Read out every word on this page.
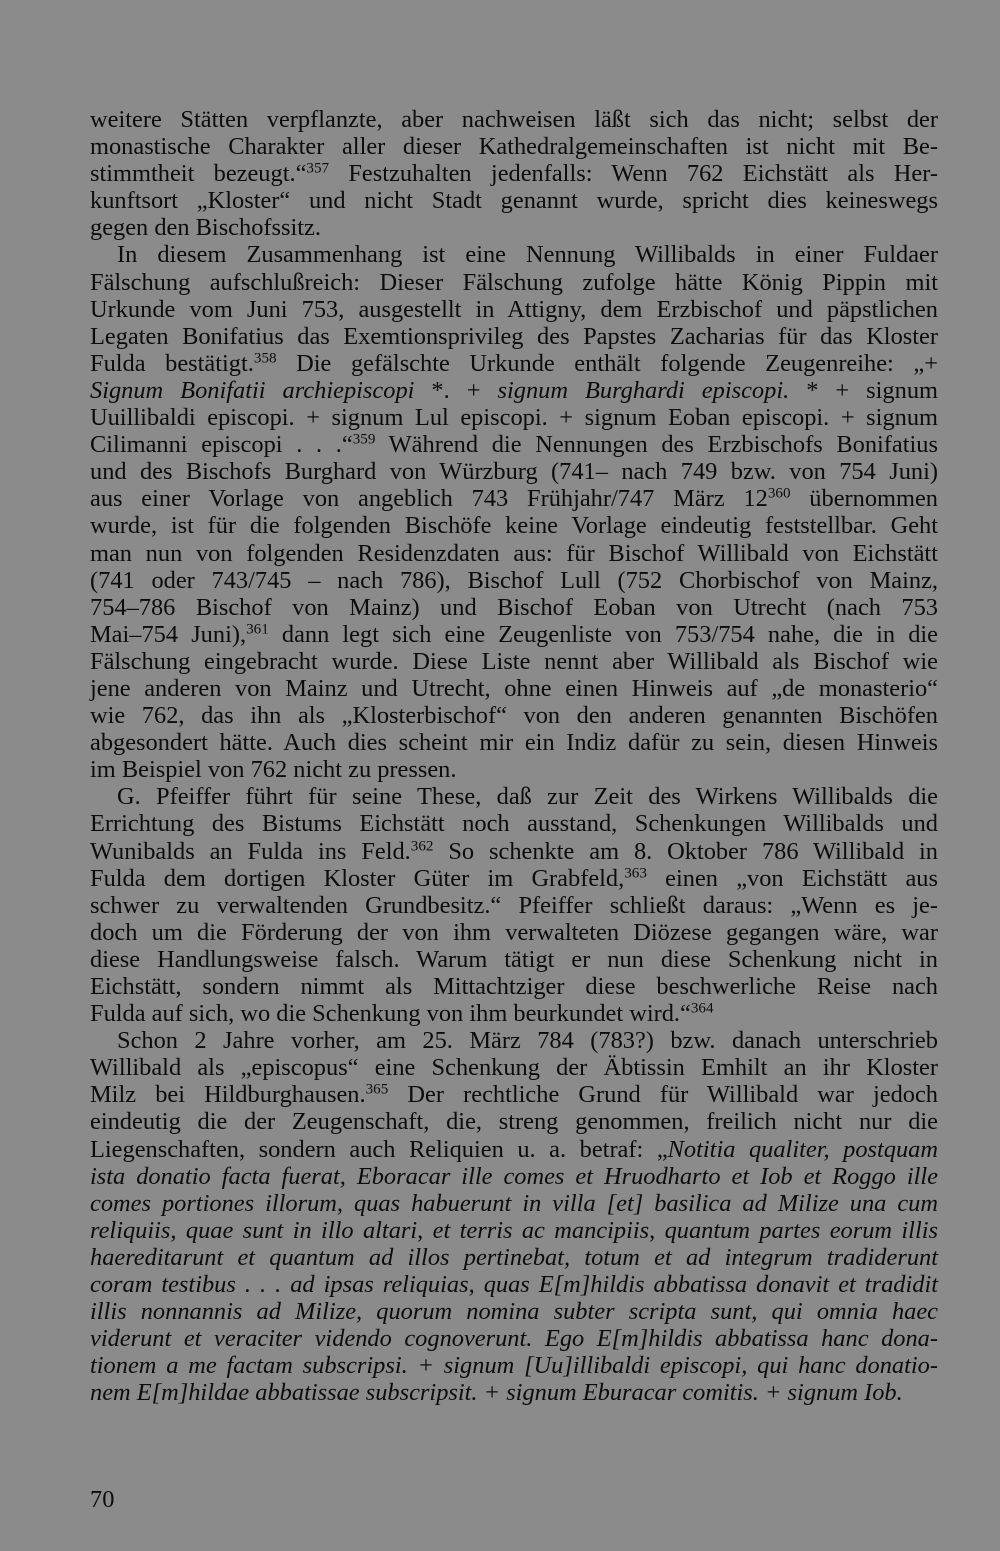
weitere Stätten verpflanzte, aber nachweisen läßt sich das nicht; selbst der
monastische Charakter aller dieser Kathedralgemeinschaften ist nicht mit Be-
stimmtheit bezeugt.“$^{357}$ Festzuhalten jedenfalls: Wenn 762 Eichstätt als Her-
kunftsort „Kloster“ und nicht Stadt genannt wurde, spricht dies keineswegs
gegen den Bischofssitz.
In diesem Zusammenhang ist eine Nennung Willibalds in einer Fuldaer
Fälschung aufschlußreich: Dieser Fälschung zufolge hätte König Pippin mit
Urkunde vom Juni 753, ausgestellt in Attigny, dem Erzbischof und päpstlichen
Legaten Bonifatius das Exemtionsprivileg des Papstes Zacharias für das Kloster
Fulda bestätigt.$^{358}$ Die gefälschte Urkunde enthält folgende Zeugenreihe: „+
Signum Bonifatii archiepiscopi *. + signum Burghardi episcopi. * + signum
Uuillibaldi episcopi. + signum Lul episcopi. + signum Eoban episcopi. + signum
Cilimanni episcopi . . .“$^{359}$ Während die Nennungen des Erzbischofs Bonifatius
und des Bischofs Burghard von Würzburg (741– nach 749 bzw. von 754 Juni)
aus einer Vorlage von angeblich 743 Frühjahr/747 März $12^{360}$ übernommen
wurde, ist für die folgenden Bischöfe keine Vorlage eindeutig feststellbar. Geht
man nun von folgenden Residenzdaten aus: für Bischof Willibald von Eichstätt
(741 oder 743/745 – nach 786), Bischof Lull (752 Chorbischof von Mainz,
754–786 Bischof von Mainz) und Bischof Eoban von Utrecht (nach 753
Mai–754 Juni),$^{361}$ dann legt sich eine Zeugenliste von 753/754 nahe, die in die
Fälschung eingebracht wurde. Diese Liste nennt aber Willibald als Bischof wie
jene anderen von Mainz und Utrecht, ohne einen Hinweis auf „de monasterio“
wie 762, das ihn als „Klosterbischof“ von den anderen genannten Bischöfen
abgesondert hätte. Auch dies scheint mir ein Indiz dafür zu sein, diesen Hinweis
im Beispiel von 762 nicht zu pressen.
G. Pfeiffer führt für seine These, daß zur Zeit des Wirkens Willibalds die
Errichtung des Bistums Eichstätt noch ausstand, Schenkungen Willibalds und
Wunibalds an Fulda ins Feld.$^{362}$ So schenkte am 8. Oktober 786 Willibald in
Fulda dem dortigen Kloster Güter im Grabfeld,$^{363}$ einen „von Eichstätt aus
schwer zu verwaltenden Grundbesitz.“ Pfeiffer schließt daraus: „Wenn es je-
doch um die Förderung der von ihm verwalteten Diözese gegangen wäre, war
diese Handlungsweise falsch. Warum tätigt er nun diese Schenkung nicht in
Eichstätt, sondern nimmt als Mittachtziger diese beschwerliche Reise nach
Fulda auf sich, wo die Schenkung von ihm beurkundet wird.“$^{364}$
Schon 2 Jahre vorher, am 25. März 784 (783?) bzw. danach unterschrieb
Willibald als „episcopus“ eine Schenkung der Äbtissin Emhilt an ihr Kloster
Milz bei Hildburghausen.$^{365}$ Der rechtliche Grund für Willibald war jedoch
eindeutig die der Zeugenschaft, die, streng genommen, freilich nicht nur die
Liegenschaften, sondern auch Reliquien u. a. betraf: „Notitia qualiter, postquam
ista donatio facta fuerat, Eboracar ille comes et Hruodharto et Iob et Roggo ille
comes portiones illorum, quas habuerunt in villa [et] basilica ad Milize una cum
reliquiis, quae sunt in illo altari, et terris ac mancipiis, quantum partes eorum illis
haereditarunt et quantum ad illos pertinebat, totum et ad integrum tradiderunt
coram testibus . . . ad ipsas reliquias, quas E[m]hildis abbatissa donavit et tradidit
illis nonnannis ad Milize, quorum nomina subter scripta sunt, qui omnia haec
viderunt et veraciter videndo cognoverunt. Ego E[m]hildis abbatissa hanc dona-
tionem a me factam subscripsi. + signum [Uu]illibaldi episcopi, qui hanc donatio-
nem E[m]hildae abbatissae subscripsit. + signum Eburacar comitis. + signum Iob.
70
